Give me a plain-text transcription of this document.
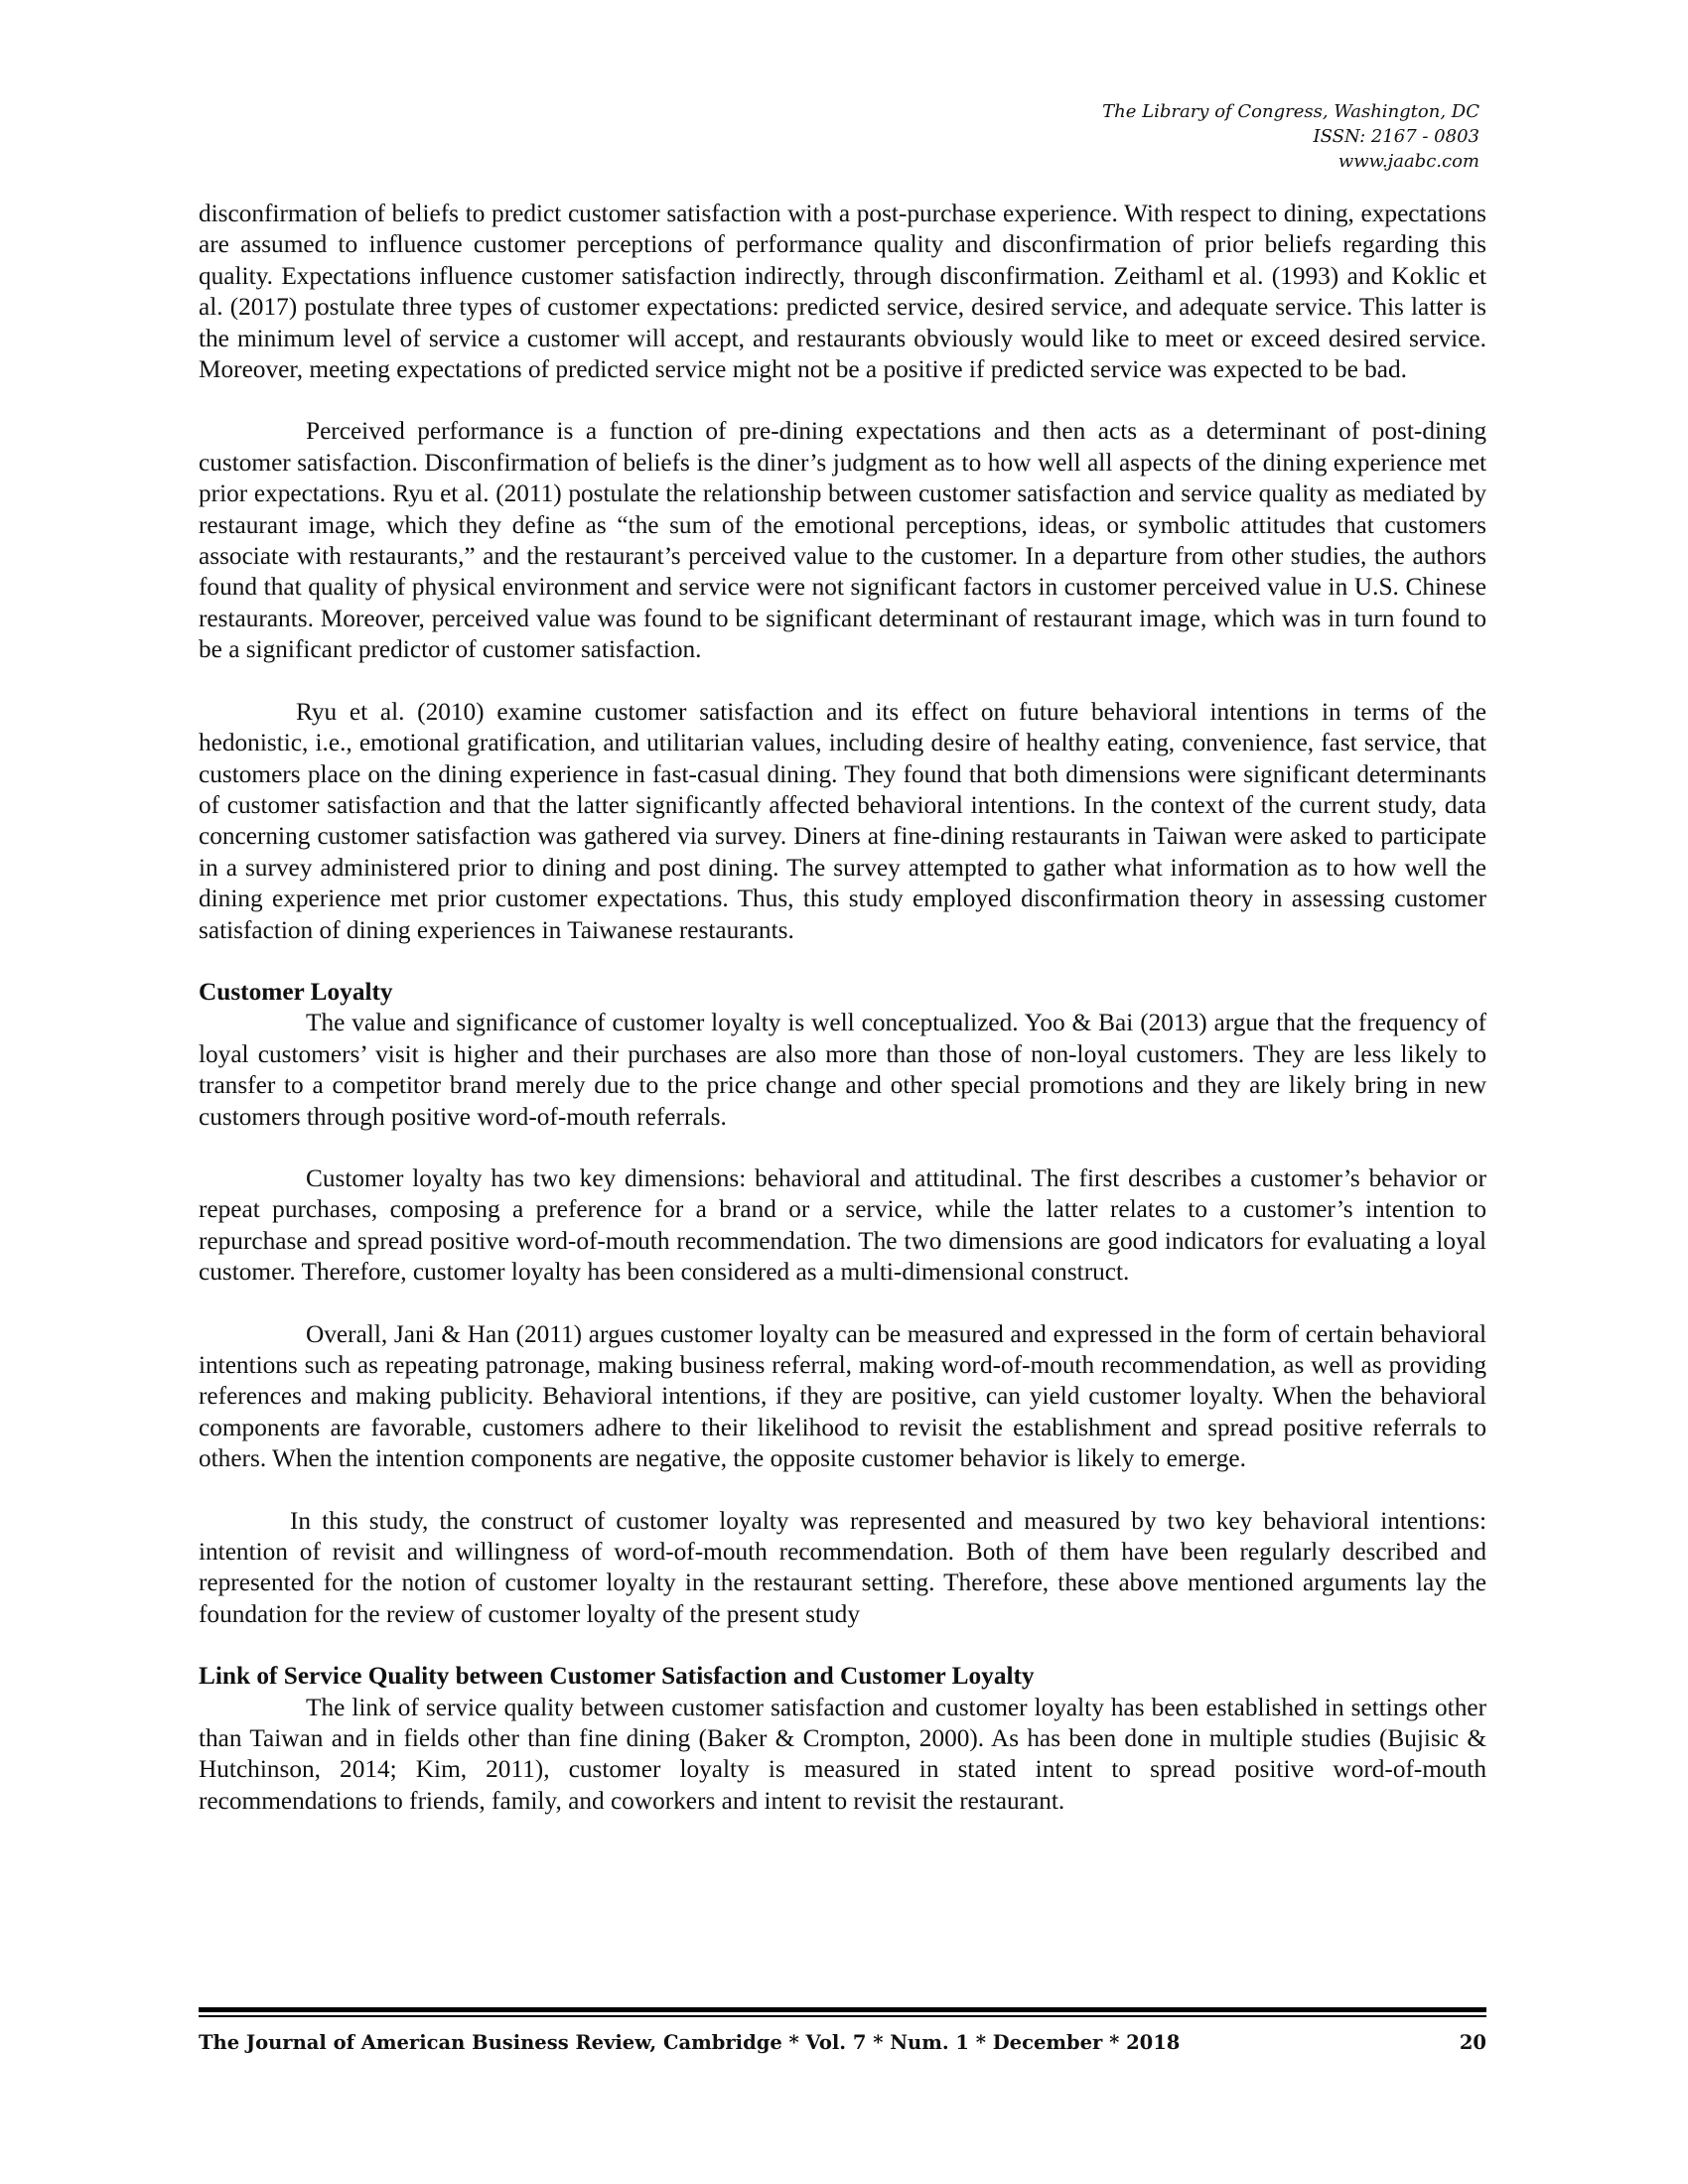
The Library of Congress, Washington, DC
ISSN: 2167 - 0803
www.jaabc.com

disconfirmation of beliefs to predict customer satisfaction with a post-purchase experience. With respect to dining, expectations are assumed to influence customer perceptions of performance quality and disconfirmation of prior beliefs regarding this quality. Expectations influence customer satisfaction indirectly, through disconfirmation. Zeithaml et al. (1993) and Koklic et al. (2017) postulate three types of customer expectations: predicted service, desired service, and adequate service. This latter is the minimum level of service a customer will accept, and restaurants obviously would like to meet or exceed desired service. Moreover, meeting expectations of predicted service might not be a positive if predicted service was expected to be bad.

Perceived performance is a function of pre-dining expectations and then acts as a determinant of post-dining customer satisfaction. Disconfirmation of beliefs is the diner’s judgment as to how well all aspects of the dining experience met prior expectations. Ryu et al. (2011) postulate the relationship between customer satisfaction and service quality as mediated by restaurant image, which they define as “the sum of the emotional perceptions, ideas, or symbolic attitudes that customers associate with restaurants,” and the restaurant’s perceived value to the customer. In a departure from other studies, the authors found that quality of physical environment and service were not significant factors in customer perceived value in U.S. Chinese restaurants. Moreover, perceived value was found to be significant determinant of restaurant image, which was in turn found to be a significant predictor of customer satisfaction.

Ryu et al. (2010) examine customer satisfaction and its effect on future behavioral intentions in terms of the hedonistic, i.e., emotional gratification, and utilitarian values, including desire of healthy eating, convenience, fast service, that customers place on the dining experience in fast-casual dining. They found that both dimensions were significant determinants of customer satisfaction and that the latter significantly affected behavioral intentions. In the context of the current study, data concerning customer satisfaction was gathered via survey. Diners at fine-dining restaurants in Taiwan were asked to participate in a survey administered prior to dining and post dining. The survey attempted to gather what information as to how well the dining experience met prior customer expectations. Thus, this study employed disconfirmation theory in assessing customer satisfaction of dining experiences in Taiwanese restaurants.

Customer Loyalty

The value and significance of customer loyalty is well conceptualized. Yoo & Bai (2013) argue that the frequency of loyal customers’ visit is higher and their purchases are also more than those of non-loyal customers. They are less likely to transfer to a competitor brand merely due to the price change and other special promotions and they are likely bring in new customers through positive word-of-mouth referrals.

Customer loyalty has two key dimensions: behavioral and attitudinal. The first describes a customer’s behavior or repeat purchases, composing a preference for a brand or a service, while the latter relates to a customer’s intention to repurchase and spread positive word-of-mouth recommendation. The two dimensions are good indicators for evaluating a loyal customer. Therefore, customer loyalty has been considered as a multi-dimensional construct.

Overall, Jani & Han (2011) argues customer loyalty can be measured and expressed in the form of certain behavioral intentions such as repeating patronage, making business referral, making word-of-mouth recommendation, as well as providing references and making publicity. Behavioral intentions, if they are positive, can yield customer loyalty. When the behavioral components are favorable, customers adhere to their likelihood to revisit the establishment and spread positive referrals to others. When the intention components are negative, the opposite customer behavior is likely to emerge.

In this study, the construct of customer loyalty was represented and measured by two key behavioral intentions: intention of revisit and willingness of word-of-mouth recommendation. Both of them have been regularly described and represented for the notion of customer loyalty in the restaurant setting. Therefore, these above mentioned arguments lay the foundation for the review of customer loyalty of the present study

Link of Service Quality between Customer Satisfaction and Customer Loyalty

The link of service quality between customer satisfaction and customer loyalty has been established in settings other than Taiwan and in fields other than fine dining (Baker & Crompton, 2000). As has been done in multiple studies (Bujisic & Hutchinson, 2014; Kim, 2011), customer loyalty is measured in stated intent to spread positive word-of-mouth recommendations to friends, family, and coworkers and intent to revisit the restaurant.

The Journal of American Business Review, Cambridge * Vol. 7 * Num. 1 * December * 2018	20
